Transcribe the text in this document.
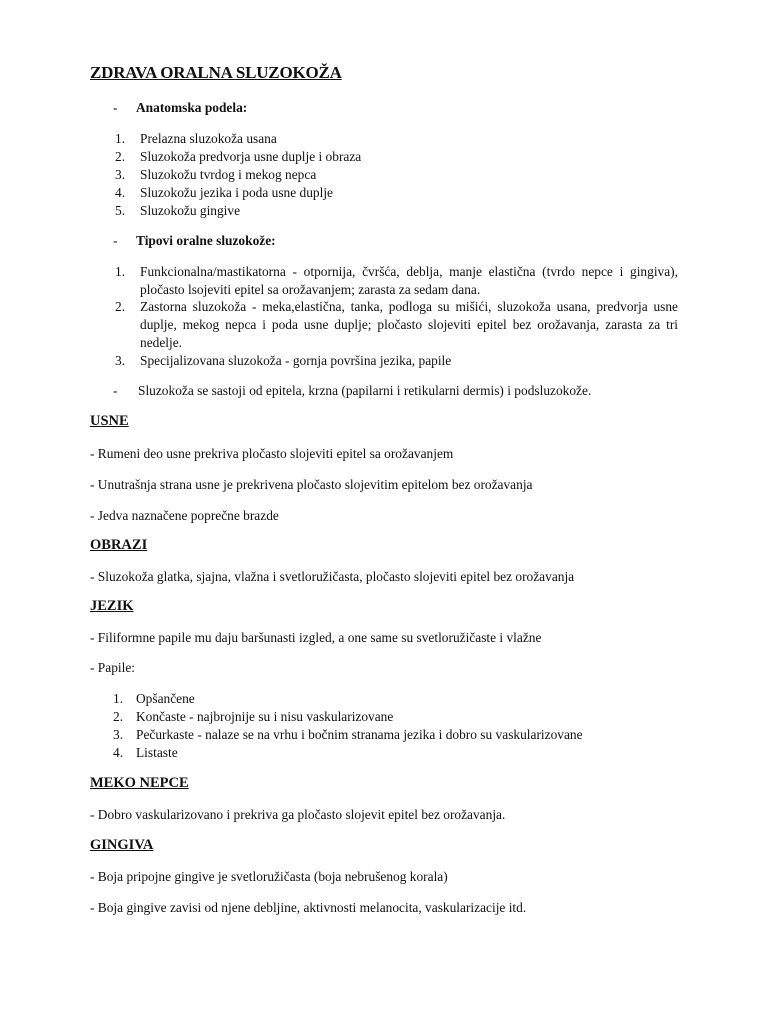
ZDRAVA ORALNA SLUZOKOŽA
- Anatomska podela:
1. Prelazna sluzokoža usana
2. Sluzokoža predvorja usne duplje i obraza
3. Sluzokožu tvrdog i mekog nepca
4. Sluzokožu jezika i poda usne duplje
5. Sluzokožu gingive
- Tipovi oralne sluzokože:
1. Funkcionalna/mastikatorna - otpornija, čvršća, deblja, manje elastična (tvrdo nepce i gingiva), pločasto lsojeviti epitel sa orožavanjem; zarasta za sedam dana.
2. Zastorna sluzokoža - meka,elastična, tanka, podloga su mišići, sluzokoža usana, predvorja usne duplje, mekog nepca i poda usne duplje; pločasto slojeviti epitel bez orožavanja, zarasta za tri nedelje.
3. Specijalizovana sluzokoža - gornja površina jezika, papile
- Sluzokoža se sastoji od epitela, krzna (papilarni i retikularni dermis) i podsluzokože.
USNE
- Rumeni deo usne prekriva pločasto slojeviti epitel sa orožavanjem
- Unutrašnja strana usne je prekrivena pločasto slojevitim epitelom bez orožavanja
- Jedva naznačene poprečne brazde
OBRAZI
- Sluzokoža glatka, sjajna, vlažna i svetloružičasta, pločasto slojeviti epitel bez orožavanja
JEZIK
- Filiformne papile mu daju baršunasti izgled, a one same su svetloružičaste i vlažne
- Papile:
1. Opšančene
2. Končaste - najbrojnije su i nisu vaskularizovane
3. Pečurkaste - nalaze se na vrhu i bočnim stranama jezika i dobro su vaskularizovane
4. Listaste
MEKO NEPCE
- Dobro vaskularizovano i prekriva ga pločasto slojevit epitel bez orožavanja.
GINGIVA
- Boja pripojne gingive je svetloružičasta (boja nebrušenog korala)
- Boja gingive zavisi od njene debljine, aktivnosti melanocita, vaskularizacije itd.
